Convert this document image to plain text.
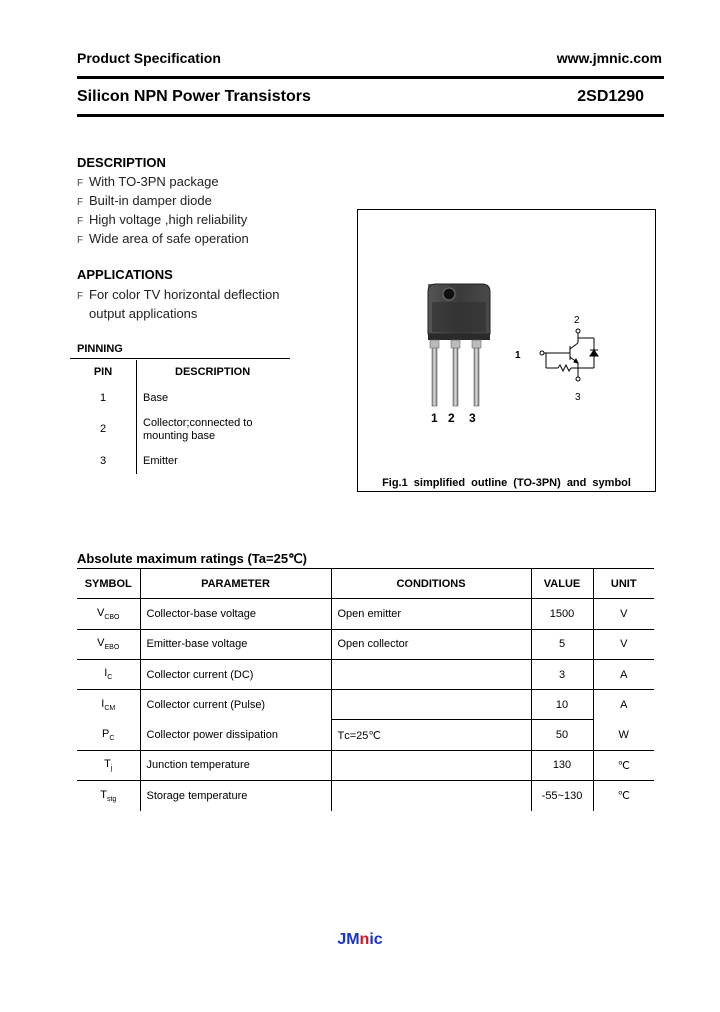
Product Specification	www.jmnic.com
Silicon NPN Power Transistors	2SD1290
DESCRIPTION
F With TO-3PN package
F Built-in damper diode
F High voltage ,high reliability
F Wide area of safe operation
APPLICATIONS
F For color TV horizontal deflection
output applications
PINNING
PIN	DESCRIPTION
1	Base
2	Collector;connected to mounting base
3	Emitter
1 2 3
1
2
3
Fig.1 simplified outline (TO-3PN) and symbol
Absolute maximum ratings (Ta=25℃)
SYMBOL	PARAMETER	CONDITIONS	VALUE	UNIT
$V_{CBO}$	Collector-base voltage	Open emitter	1500	V
$V_{EBO}$	Emitter-base voltage	Open collector	5	V
$I_C$	Collector current (DC)		3	A
$I_{CM}$	Collector current (Pulse)		10	A
$P_C$	Collector power dissipation	Tᴄ=25℃	50	W
$T_j$	Junction temperature		130	℃
$T_{stg}$	Storage temperature		-55~130	℃
JMnic
